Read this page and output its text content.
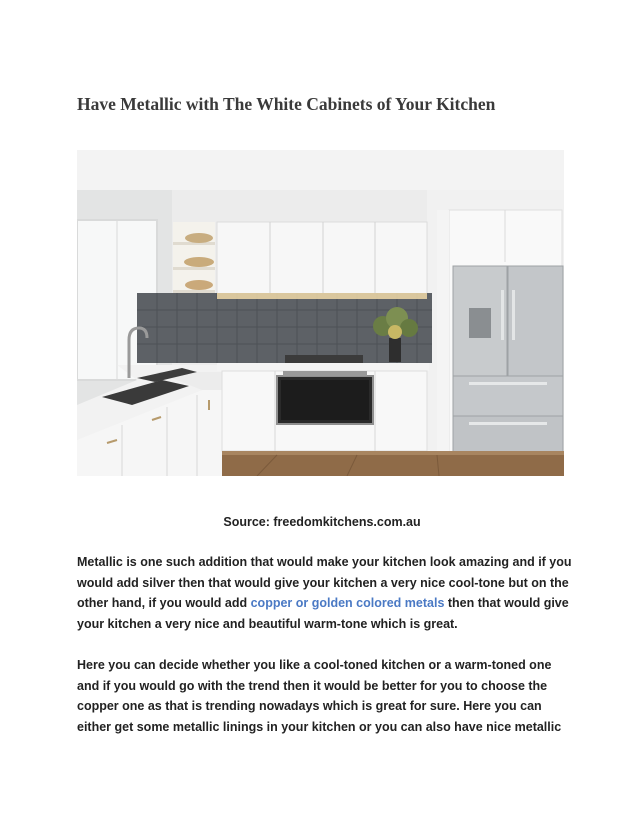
Have Metallic with The White Cabinets of Your Kitchen
Source: freedomkitchens.com.au

Metallic is one such addition that would make your kitchen look amazing and if you would add silver then that would give your kitchen a very nice cool-tone but on the other hand, if you would add copper or golden colored metals then that would give your kitchen a very nice and beautiful warm-tone which is great.

Here you can decide whether you like a cool-toned kitchen or a warm-toned one and if you would go with the trend then it would be better for you to choose the copper one as that is trending nowadays which is great for sure. Here you can either get some metallic linings in your kitchen or you can also have nice metallic
